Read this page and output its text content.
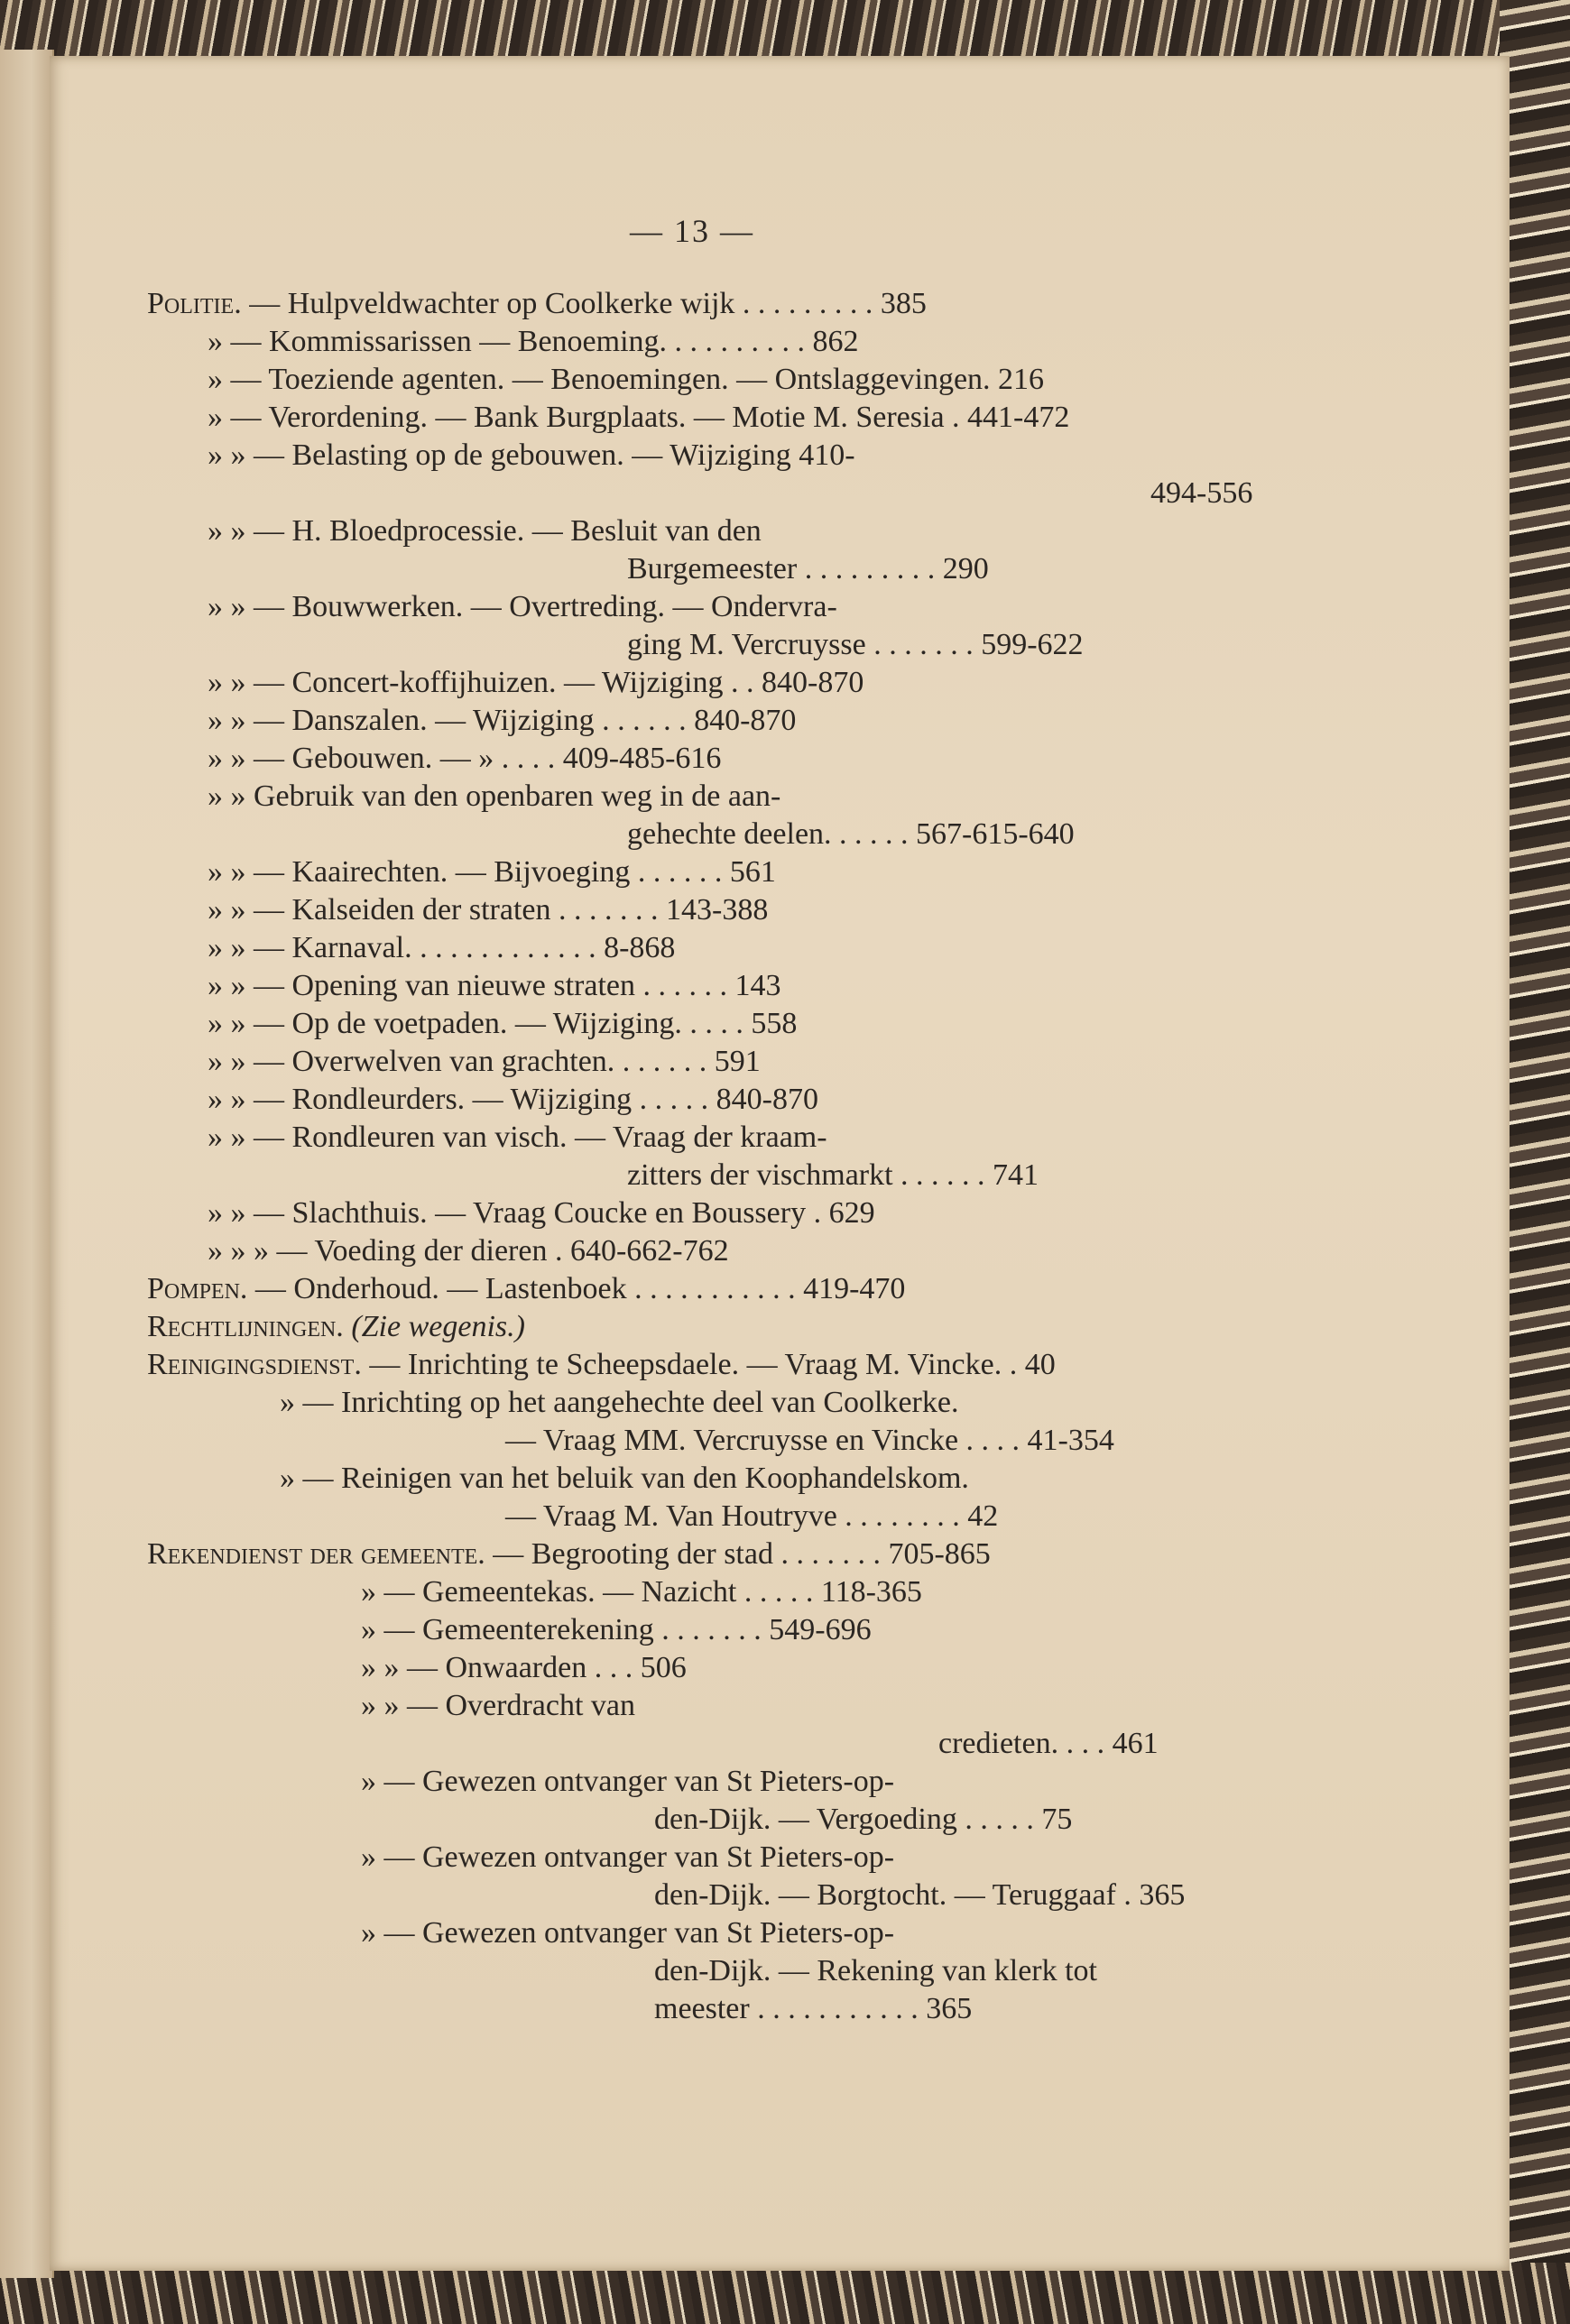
— 13 —
Politie. — Hulpveldwachter op Coolkerke wijk . . . . . . . . . 385
» — Kommissarissen — Benoeming. . . . . . . . . . 862
» — Toeziende agenten. — Benoemingen. — Ontslaggevingen. 216
» — Verordening. — Bank Burgplaats. — Motie M. Seresia . 441-472
» » — Belasting op de gebouwen. — Wijziging 410-
494-556
» » — H. Bloedprocessie. — Besluit van den
Burgemeester . . . . . . . . . 290
» » — Bouwwerken. — Overtreding. — Ondervra-
ging M. Vercruysse . . . . . . . 599-622
» » — Concert-koffijhuizen. — Wijziging . . 840-870
» » — Danszalen. — Wijziging . . . . . . 840-870
» » — Gebouwen. — » . . . . 409-485-616
» » Gebruik van den openbaren weg in de aan-
gehechte deelen. . . . . . 567-615-640
» » — Kaairechten. — Bijvoeging . . . . . . 561
» » — Kalseiden der straten . . . . . . . 143-388
» » — Karnaval. . . . . . . . . . . . . 8-868
» » — Opening van nieuwe straten . . . . . . 143
» » — Op de voetpaden. — Wijziging. . . . . 558
» » — Overwelven van grachten. . . . . . . 591
» » — Rondleurders. — Wijziging . . . . . 840-870
» » — Rondleuren van visch. — Vraag der kraam-
zitters der vischmarkt . . . . . . 741
» » — Slachthuis. — Vraag Coucke en Boussery . 629
» » » — Voeding der dieren . 640-662-762
Pompen. — Onderhoud. — Lastenboek . . . . . . . . . . . 419-470
Rechtlijningen. (Zie wegenis.)
Reinigingsdienst. — Inrichting te Scheepsdaele. — Vraag M. Vincke. . 40
» — Inrichting op het aangehechte deel van Coolkerke.
— Vraag MM. Vercruysse en Vincke . . . . 41-354
» — Reinigen van het beluik van den Koophandelskom.
— Vraag M. Van Houtryve . . . . . . . . 42
Rekendienst der gemeente. — Begrooting der stad . . . . . . . 705-865
» — Gemeentekas. — Nazicht . . . . . 118-365
» — Gemeenterekening . . . . . . . 549-696
» » — Onwaarden . . . 506
» » — Overdracht van
credieten. . . . 461
» — Gewezen ontvanger van St Pieters-op-
den-Dijk. — Vergoeding . . . . . 75
» — Gewezen ontvanger van St Pieters-op-
den-Dijk. — Borgtocht. — Teruggaaf . 365
» — Gewezen ontvanger van St Pieters-op-
den-Dijk. — Rekening van klerk tot
meester . . . . . . . . . . . 365
